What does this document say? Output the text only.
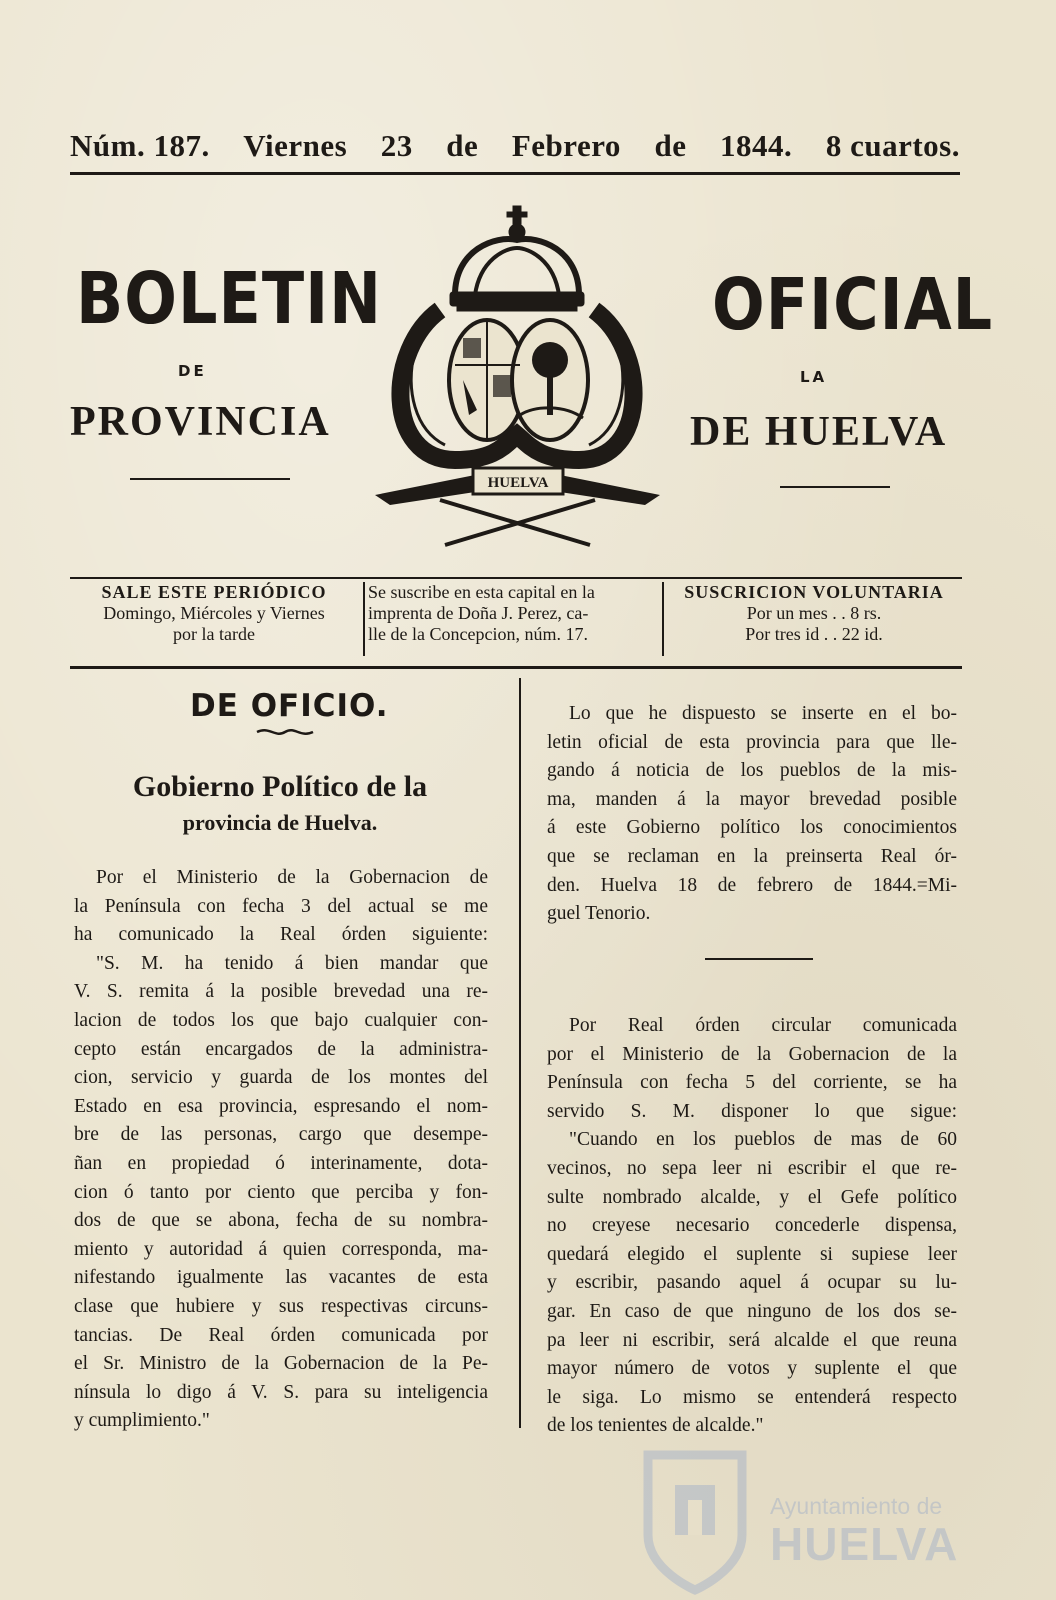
Núm. 187. Viernes 23 de Febrero de 1844. 8 cuartos.
BOLETIN
DE
PROVINCIA
OFICIAL
LA
DE HUELVA
HUELVA
SALE ESTE PERIÓDICO
Domingo, Miércoles y Viernes
por la tarde
Se suscribe en esta capital en la
imprenta de Doña J. Perez, ca-
lle de la Concepcion, núm. 17.
SUSCRICION VOLUNTARIA
Por un mes . . 8 rs.
Por tres id . . 22 id.
DE OFICIO.
Gobierno Político de la
provincia de Huelva.
Por el Ministerio de la Gobernacion de
la Península con fecha 3 del actual se me
ha comunicado la Real órden siguiente:
"S. M. ha tenido á bien mandar que
V. S. remita á la posible brevedad una re-
lacion de todos los que bajo cualquier con-
cepto están encargados de la administra-
cion, servicio y guarda de los montes del
Estado en esa provincia, espresando el nom-
bre de las personas, cargo que desempe-
ñan en propiedad ó interinamente, dota-
cion ó tanto por ciento que perciba y fon-
dos de que se abona, fecha de su nombra-
miento y autoridad á quien corresponda, ma-
nifestando igualmente las vacantes de esta
clase que hubiere y sus respectivas circuns-
tancias. De Real órden comunicada por
el Sr. Ministro de la Gobernacion de la Pe-
nínsula lo digo á V. S. para su inteligencia
y cumplimiento."
Lo que he dispuesto se inserte en el bo-
letin oficial de esta provincia para que lle-
gando á noticia de los pueblos de la mis-
ma, manden á la mayor brevedad posible
á este Gobierno político los conocimientos
que se reclaman en la preinserta Real ór-
den. Huelva 18 de febrero de 1844.=Mi-
guel Tenorio.
Por Real órden circular comunicada
por el Ministerio de la Gobernacion de la
Península con fecha 5 del corriente, se ha
servido S. M. disponer lo que sigue:
"Cuando en los pueblos de mas de 60
vecinos, no sepa leer ni escribir el que re-
sulte nombrado alcalde, y el Gefe político
no creyese necesario concederle dispensa,
quedará elegido el suplente si supiese leer
y escribir, pasando aquel á ocupar su lu-
gar. En caso de que ninguno de los dos se-
pa leer ni escribir, será alcalde el que reuna
mayor número de votos y suplente el que
le siga. Lo mismo se entenderá respecto
de los tenientes de alcalde."
Ayuntamiento de
HUELVA
